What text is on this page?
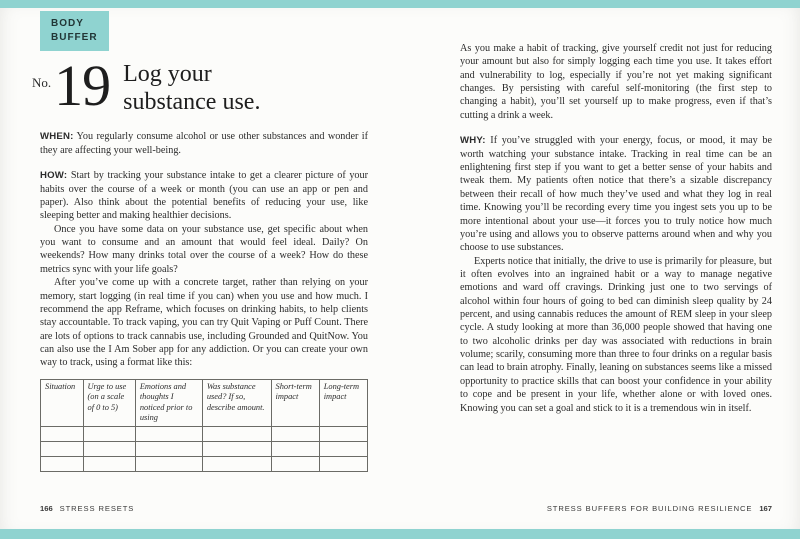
BODY
BUFFER
No. 19 Log your
substance use.

WHEN: You regularly consume alcohol or use other substances and wonder if they are affecting your well-being.

HOW: Start by tracking your substance intake to get a clearer picture of your habits over the course of a week or month (you can use an app or pen and paper). Also think about the potential benefits of reducing your use, like sleeping better and making healthier decisions.

Once you have some data on your substance use, get specific about when you want to consume and an amount that would feel ideal. Daily? On weekends? How many drinks total over the course of a week? How do these metrics sync with your life goals?

After you’ve come up with a concrete target, rather than relying on your memory, start logging (in real time if you can) when you use and how much. I recommend the app Reframe, which focuses on drinking habits, to help clients stay accountable. To track vaping, you can try Quit Vaping or Puff Count. There are lots of options to track cannabis use, including Grounded and QuitNow. You can also use the I Am Sober app for any addiction. Or you can create your own way to track, using a format like this:

Situation	Urge to use (on a scale of 0 to 5)	Emotions and thoughts I noticed prior to using	Was substance used? If so, describe amount.	Short-term impact	Long-term impact

166 STRESS RESETS

As you make a habit of tracking, give yourself credit not just for reducing your amount but also for simply logging each time you use. It takes effort and vulnerability to log, especially if you’re not yet making significant changes. By persisting with careful self-monitoring (the first step to changing a habit), you’ll set yourself up to make progress, even if that’s cutting a drink a week.

WHY: If you’ve struggled with your energy, focus, or mood, it may be worth watching your substance intake. Tracking in real time can be an enlightening first step if you want to get a better sense of your habits and tweak them. My patients often notice that there’s a sizable discrepancy between their recall of how much they’ve used and what they log in real time. Knowing you’ll be recording every time you ingest sets you up to be more intentional about your use—it forces you to truly notice how much you’re using and allows you to observe patterns around when and why you choose to use substances.

Experts notice that initially, the drive to use is primarily for pleasure, but it often evolves into an ingrained habit or a way to manage negative emotions and ward off cravings. Drinking just one to two servings of alcohol within four hours of going to bed can diminish sleep quality by 24 percent, and using cannabis reduces the amount of REM sleep in your sleep cycle. A study looking at more than 36,000 people showed that having one to two alcoholic drinks per day was associated with reductions in brain volume; scarily, consuming more than three to four drinks on a regular basis can lead to brain atrophy. Finally, leaning on substances seems like a missed opportunity to practice skills that can boost your confidence in your ability to cope and be present in your life, whether alone or with loved ones. Knowing you can set a goal and stick to it is a tremendous win in itself.

STRESS BUFFERS FOR BUILDING RESILIENCE 167
